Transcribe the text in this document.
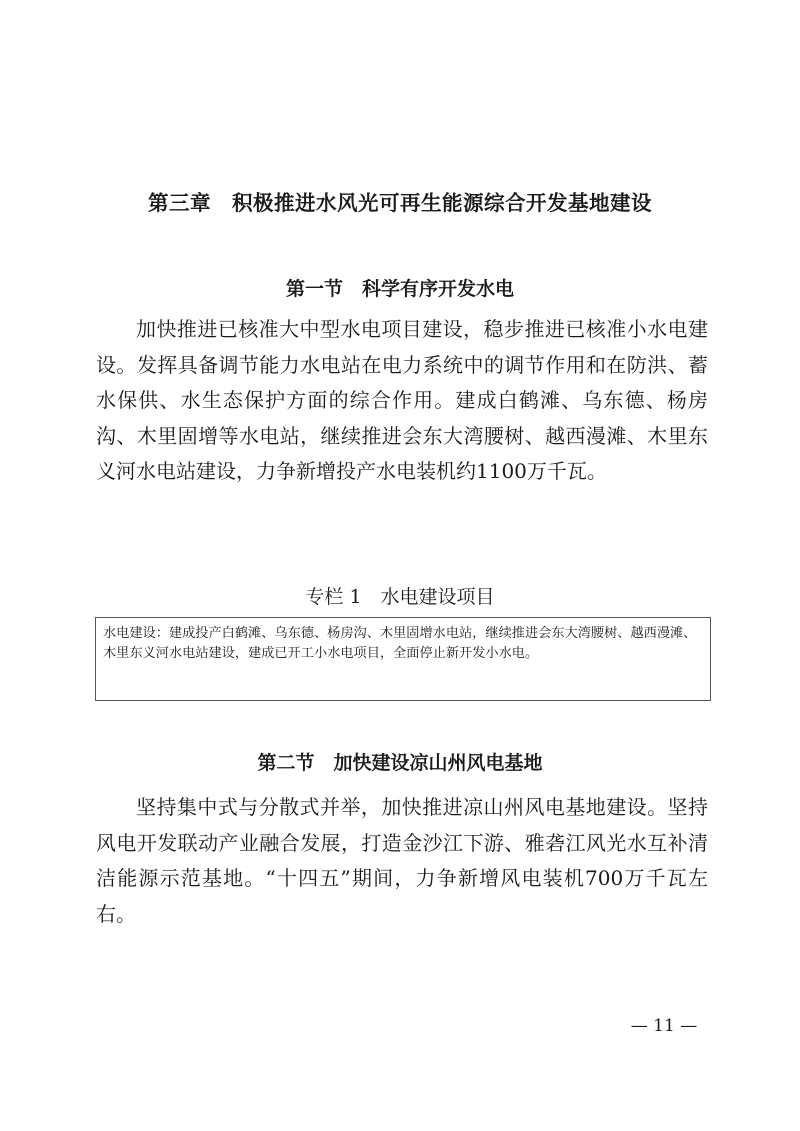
第三章　积极推进水风光可再生能源综合开发基地建设
第一节　科学有序开发水电

加快推进已核准大中型水电项目建设，稳步推进已核准小水电建设。发挥具备调节能力水电站在电力系统中的调节作用和在防洪、蓄水保供、水生态保护方面的综合作用。建成白鹤滩、乌东德、杨房沟、木里固增等水电站，继续推进会东大湾腰树、越西漫滩、木里东义河水电站建设，力争新增投产水电装机约1100万千瓦。

专栏 1　水电建设项目
水电建设：建成投产白鹤滩、乌东德、杨房沟、木里固增水电站，继续推进会东大湾腰树、越西漫滩、木里东义河水电站建设，建成已开工小水电项目，全面停止新开发小水电。
第二节　加快建设凉山州风电基地

坚持集中式与分散式并举，加快推进凉山州风电基地建设。坚持风电开发联动产业融合发展，打造金沙江下游、雅砻江风光水互补清洁能源示范基地。“十四五”期间，力争新增风电装机700万千瓦左右。

— 11 —
